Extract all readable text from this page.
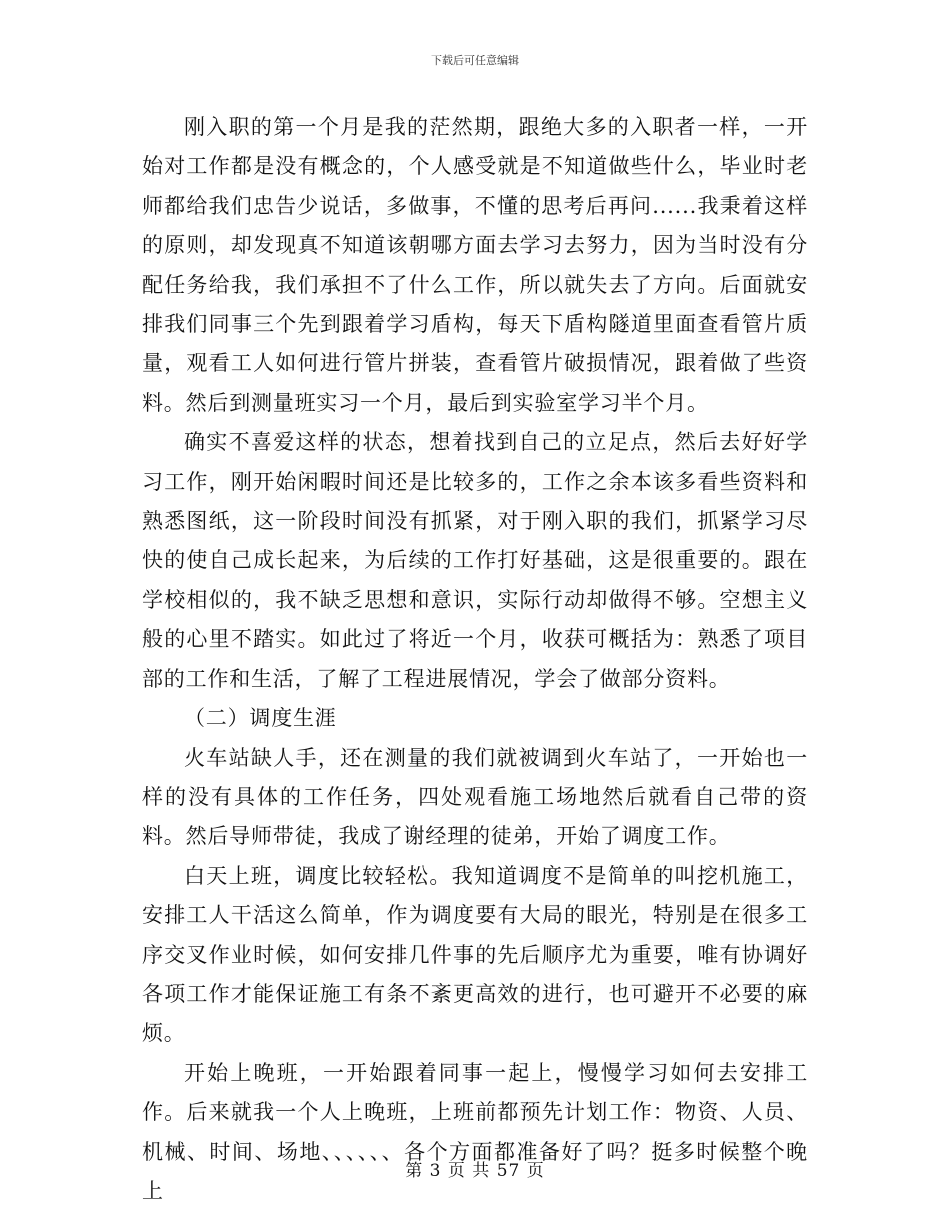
下载后可任意编辑

刚入职的第一个月是我的茫然期，跟绝大多的入职者一样，一开始对工作都是没有概念的，个人感受就是不知道做些什么，毕业时老师都给我们忠告少说话，多做事，不懂的思考后再问......我秉着这样的原则，却发现真不知道该朝哪方面去学习去努力，因为当时没有分配任务给我，我们承担不了什么工作，所以就失去了方向。后面就安排我们同事三个先到跟着学习盾构，每天下盾构隧道里面查看管片质量，观看工人如何进行管片拼装，查看管片破损情况，跟着做了些资料。然后到测量班实习一个月，最后到实验室学习半个月。

确实不喜爱这样的状态，想着找到自己的立足点，然后去好好学习工作，刚开始闲暇时间还是比较多的，工作之余本该多看些资料和熟悉图纸，这一阶段时间没有抓紧，对于刚入职的我们，抓紧学习尽快的使自己成长起来，为后续的工作打好基础，这是很重要的。跟在学校相似的，我不缺乏思想和意识，实际行动却做得不够。空想主义般的心里不踏实。如此过了将近一个月，收获可概括为：熟悉了项目部的工作和生活，了解了工程进展情况，学会了做部分资料。

（二）调度生涯

火车站缺人手，还在测量的我们就被调到火车站了，一开始也一样的没有具体的工作任务，四处观看施工场地然后就看自己带的资料。然后导师带徒，我成了谢经理的徒弟，开始了调度工作。

白天上班，调度比较轻松。我知道调度不是简单的叫挖机施工，安排工人干活这么简单，作为调度要有大局的眼光，特别是在很多工序交叉作业时候，如何安排几件事的先后顺序尤为重要，唯有协调好各项工作才能保证施工有条不紊更高效的进行，也可避开不必要的麻烦。

开始上晚班，一开始跟着同事一起上，慢慢学习如何去安排工作。后来就我一个人上晚班，上班前都预先计划工作：物资、人员、机械、时间、场地、、、、、、各个方面都准备好了吗？挺多时候整个晚上

第 3 页 共 57 页
